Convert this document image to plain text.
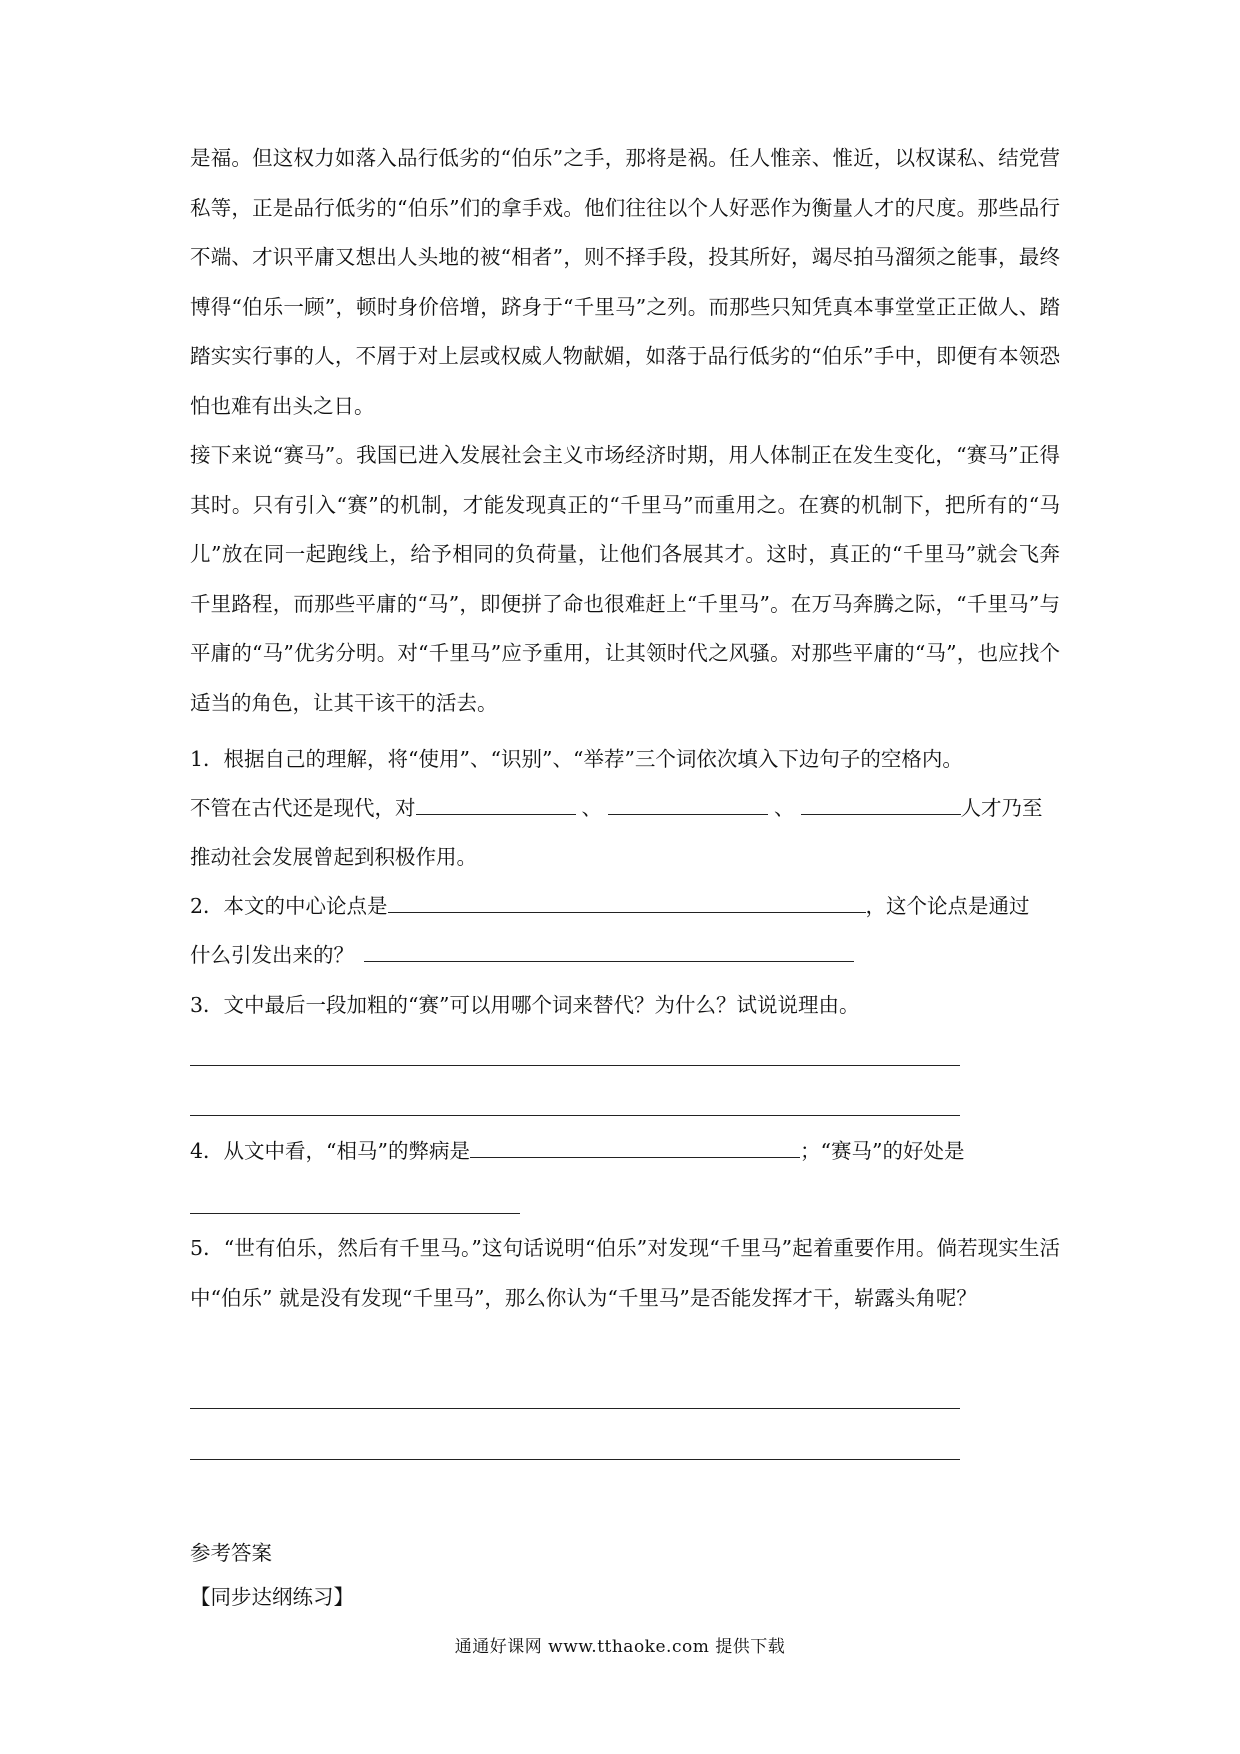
是福。但这权力如落入品行低劣的“伯乐”之手，那将是祸。任人惟亲、惟近，以权谋私、结党营私等，正是品行低劣的“伯乐”们的拿手戏。他们往往以个人好恶作为衡量人才的尺度。那些品行不端、才识平庸又想出人头地的被“相者”，则不择手段，投其所好，竭尽拍马溜须之能事，最终博得“伯乐一顾”，顿时身价倍增，跻身于“千里马”之列。而那些只知凭真本事堂堂正正做人、踏踏实实行事的人，不屑于对上层或权威人物献媚，如落于品行低劣的“伯乐”手中，即便有本领恐怕也难有出头之日。

接下来说“赛马”。我国已进入发展社会主义市场经济时期，用人体制正在发生变化，“赛马”正得其时。只有引入“赛”的机制，才能发现真正的“千里马”而重用之。在赛的机制下，把所有的“马儿”放在同一起跑线上，给予相同的负荷量，让他们各展其才。这时，真正的“千里马”就会飞奔千里路程，而那些平庸的“马”，即便拼了命也很难赶上“千里马”。在万马奔腾之际，“千里马”与平庸的“马”优劣分明。对“千里马”应予重用，让其领时代之风骚。对那些平庸的“马”，也应找个适当的角色，让其干该干的活去。

1．根据自己的理解，将“使用”、“识别”、“举荐”三个词依次填入下边句子的空格内。
不管在古代还是现代，对	、	、	人才乃至
推动社会发展曾起到积极作用。
2．本文的中心论点是	，这个论点是通过
什么引发出来的？
3．文中最后一段加粗的“赛”可以用哪个词来替代？为什么？试说说理由。
4．从文中看，“相马”的弊病是	；“赛马”的好处是
5．“世有伯乐，然后有千里马。”这句话说明“伯乐”对发现“千里马”起着重要作用。倘若现实生活中“伯乐” 就是没有发现“千里马”，那么你认为“千里马”是否能发挥才干，崭露头角呢？
参考答案
【同步达纲练习】
通通好课网 www.tthaoke.com 提供下载
